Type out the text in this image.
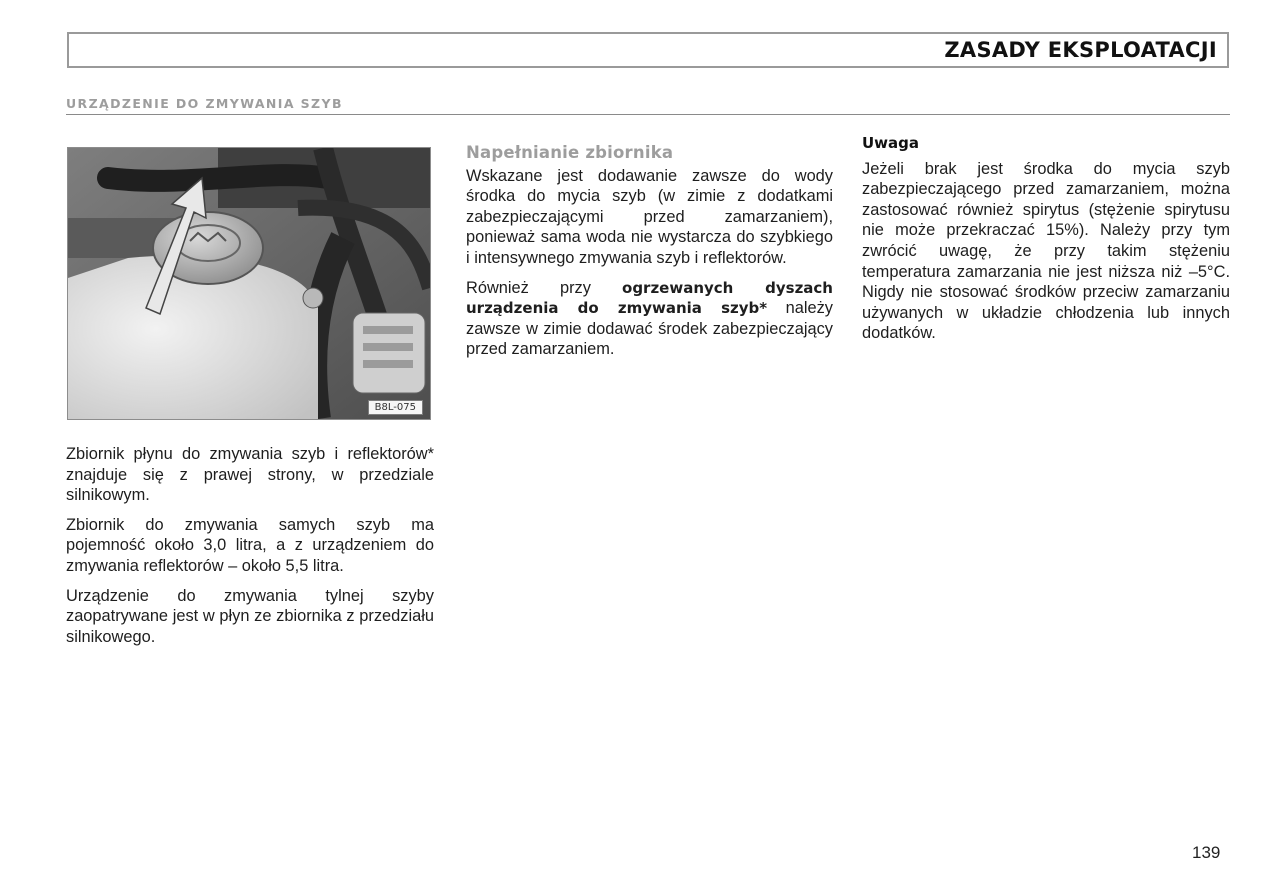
ZASADY EKSPLOATACJI
URZĄDZENIE DO ZMYWANIA SZYB
B8L-075

Zbiornik płynu do zmywania szyb i reflektorów* znajduje się z prawej strony, w przedziale silnikowym.

Zbiornik do zmywania samych szyb ma pojemność około 3,0 litra, a z urządzeniem do zmywania reflektorów – około 5,5 litra.

Urządzenie do zmywania tylnej szyby zaopatrywane jest w płyn ze zbiornika z przedziału silnikowego.

Napełnianie zbiornika

Wskazane jest dodawanie zawsze do wody środka do mycia szyb (w zimie z dodatkami zabezpieczającymi przed zamarzaniem), ponieważ sama woda nie wystarcza do szybkiego i intensywnego zmywania szyb i reflektorów.

Również przy ogrzewanych dyszach urządzenia do zmywania szyb* należy zawsze w zimie dodawać środek zabezpieczający przed zamarzaniem.

Uwaga

Jeżeli brak jest środka do mycia szyb zabezpieczającego przed zamarzaniem, można zastosować również spirytus (stężenie spirytusu nie może przekraczać 15%). Należy przy tym zwrócić uwagę, że przy takim stężeniu temperatura zamarzania nie jest niższa niż –5°C. Nigdy nie stosować środków przeciw zamarzaniu używanych w układzie chłodzenia lub innych dodatków.

139
